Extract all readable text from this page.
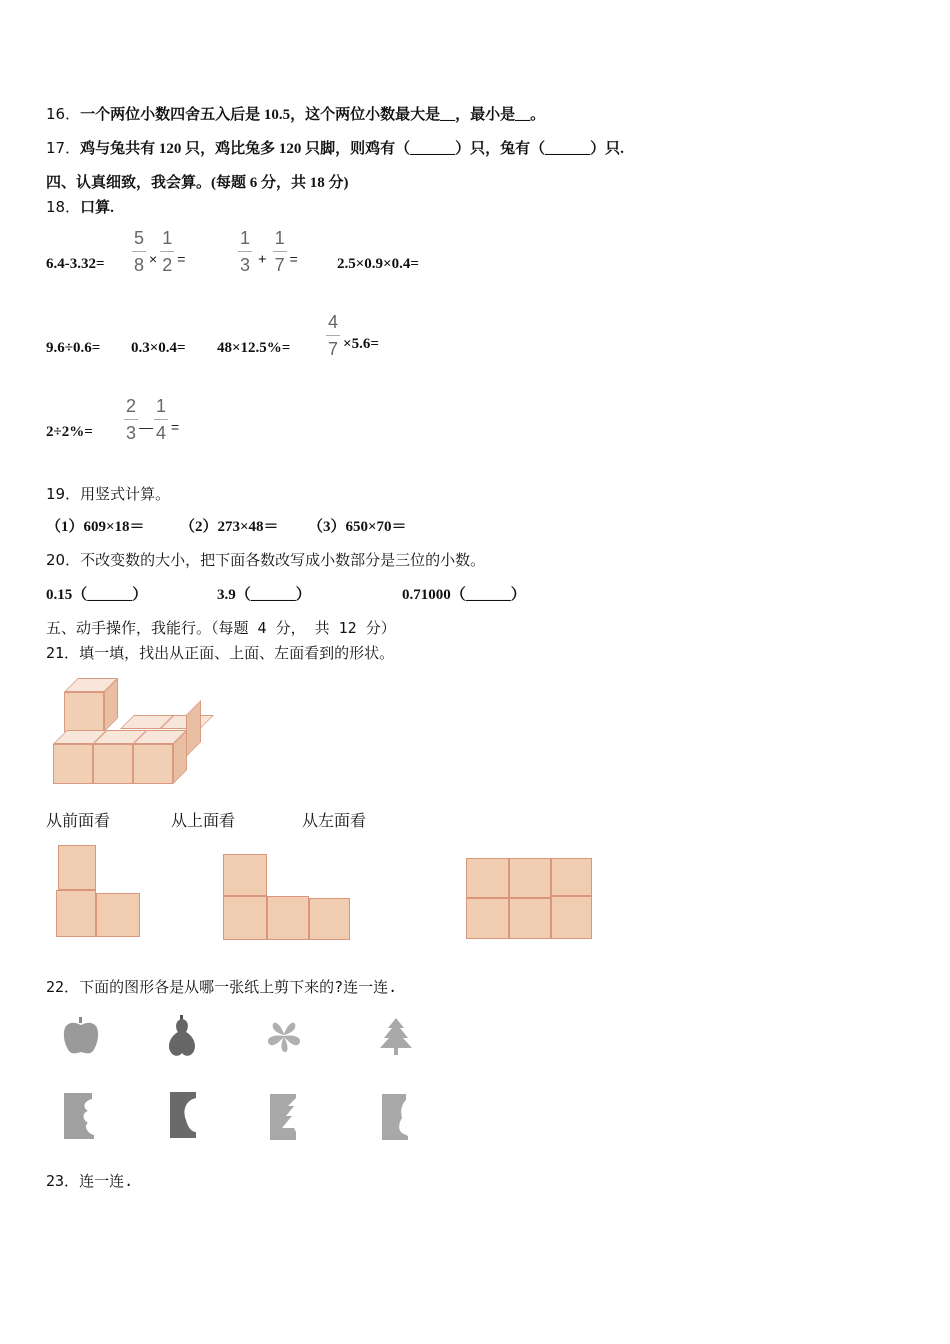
16．一个两位小数四舍五入后是 10.5，这个两位小数最大是__，最小是__。
17．鸡与兔共有 120 只，鸡比兔多 120 只脚，则鸡有（______）只，兔有（______）只.
四、认真细致，我会算。(每题 6 分，共 18 分)
18．口算.
$6.4-3.32= \frac{5}{8} \times \frac{1}{2}$ =	$\frac{1}{3} + \frac{1}{7}$ =	2.5×0.9×0.4=
$9.6\div 0.6= 0.3\times 0.4= 48\times 12.5\%= \frac{4}{7} \times 5.6=$
$2\div 2\%= \frac{2}{3}$ — $\frac{1}{4}$ =
19．用竖式计算。
（1）609×18＝ （2）273×48＝ （3）650×70＝
20．不改变数的大小，把下面各数改写成小数部分是三位的小数。
0.15（______）	3.9（______）	0.71000（______）
五、动手操作，我能行。（每题 4 分， 共 12 分）
21．填一填，找出从正面、上面、左面看到的形状。
从前面看	从上面看	从左面看
22．下面的图形各是从哪一张纸上剪下来的?连一连.
23．连一连.
